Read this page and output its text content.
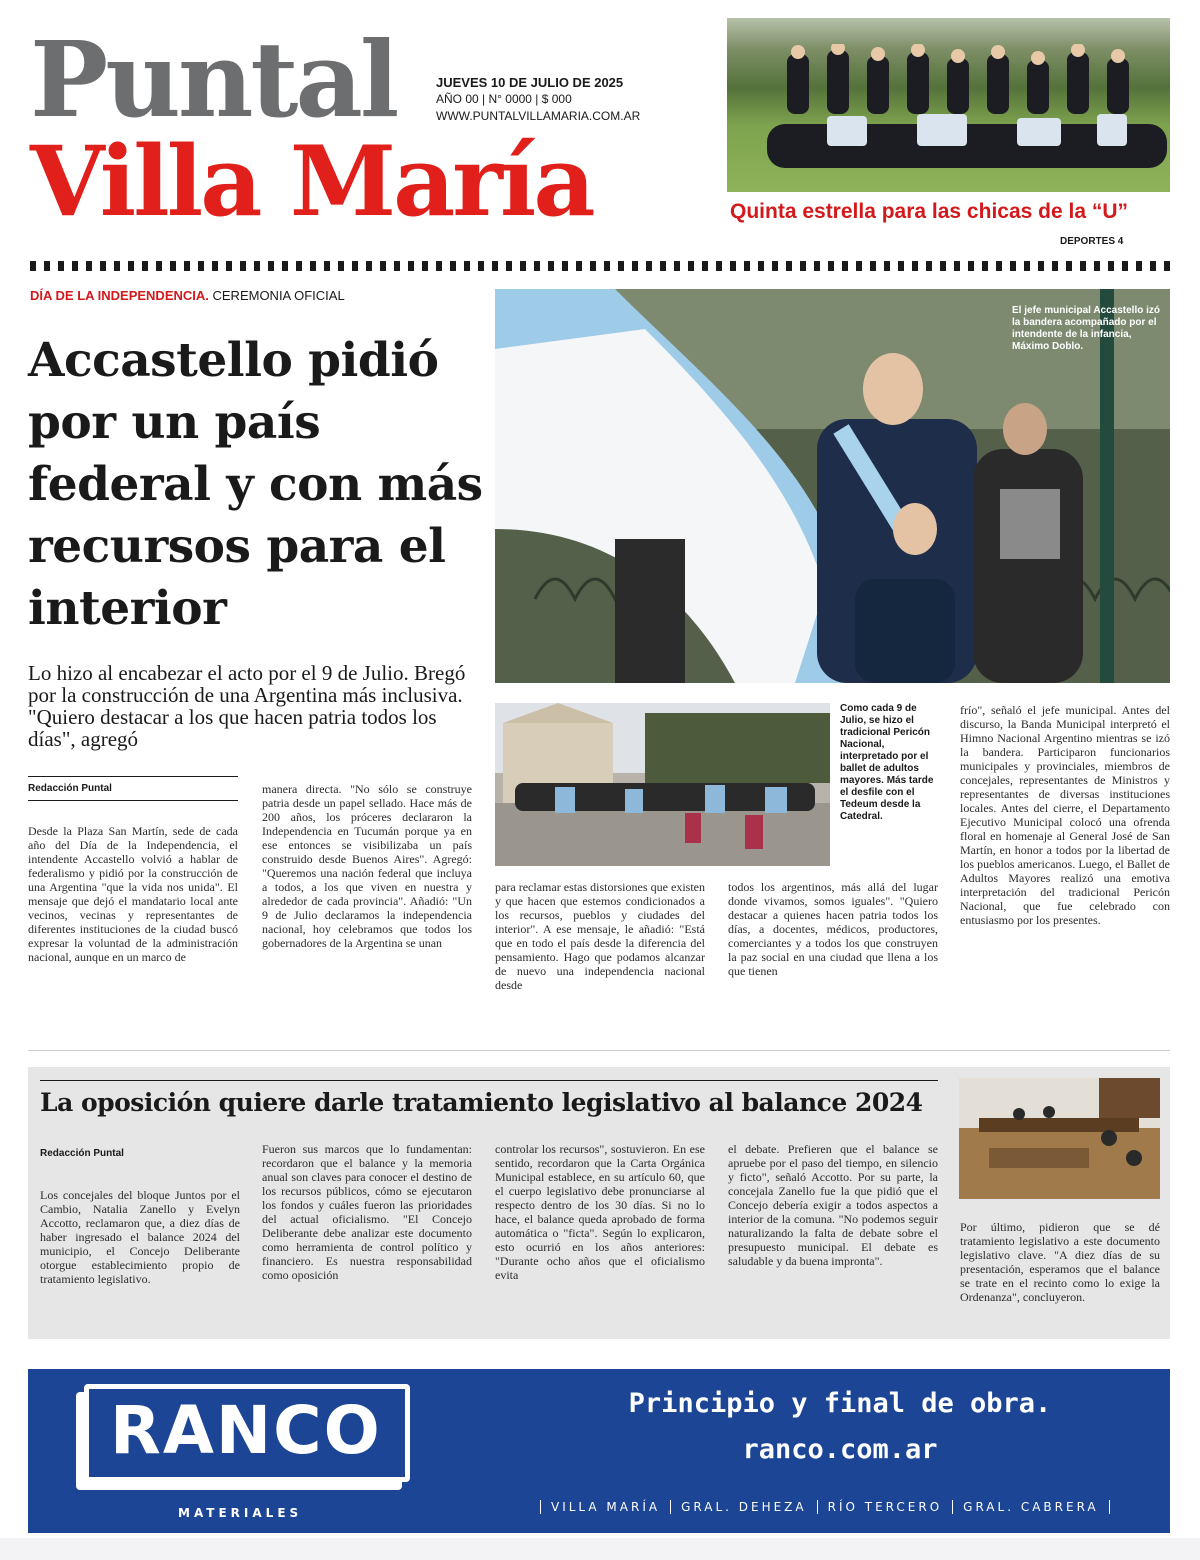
Puntal
Villa María
JUEVES 10 DE JULIO DE 2025
AÑO 00 | N° 0000 | $ 000
WWW.PUNTALVILLAMARIA.COM.AR
Quinta estrella para las chicas de la “U”
DEPORTES 4
DÍA DE LA INDEPENDENCIA. CEREMONIA OFICIAL
Accastello pidió por un país federal y con más recursos para el interior

Lo hizo al encabezar el acto por el 9 de Julio. Bregó por la construcción de una Argentina más inclusiva. "Quiero destacar a los que hacen patria todos los días", agregó

El jefe municipal Accastello izó la bandera acompañado por el intendente de la infancia, Máximo Doblo.
Como cada 9 de Julio, se hizo el tradicional Pericón Nacional, interpretado por el ballet de adultos mayores. Más tarde el desfile con el Tedeum desde la Catedral.
Redacción Puntal
Desde la Plaza San Martín, sede de cada año del Día de la Independencia, el intendente Accastello volvió a hablar de federalismo y pidió por la construcción de una Argentina "que la vida nos unida". El mensaje que dejó el mandatario local ante vecinos, vecinas y representantes de diferentes instituciones de la ciudad buscó expresar la voluntad de la administración nacional, aunque en un marco de
manera directa. "No sólo se construye patria desde un papel sellado. Hace más de 200 años, los próceres declararon la Independencia en Tucumán porque ya en ese entonces se visibilizaba un país construido desde Buenos Aires". Agregó: "Queremos una nación federal que incluya a todos, a los que viven en nuestra y alrededor de cada provincia". Añadió: "Un 9 de Julio declaramos la independencia nacional, hoy celebramos que todos los gobernadores de la Argentina se unan
para reclamar estas distorsiones que existen y que hacen que estemos condicionados a los recursos, pueblos y ciudades del interior". A ese mensaje, le añadió: "Está que en todo el país desde la diferencia del pensamiento. Hago que podamos alcanzar de nuevo una independencia nacional desde
todos los argentinos, más allá del lugar donde vivamos, somos iguales". "Quiero destacar a quienes hacen patria todos los días, a docentes, médicos, productores, comerciantes y a todos los que construyen la paz social en una ciudad que llena a los que tienen
frío", señaló el jefe municipal. Antes del discurso, la Banda Municipal interpretó el Himno Nacional Argentino mientras se izó la bandera. Participaron funcionarios municipales y provinciales, miembros de concejales, representantes de Ministros y representantes de diversas instituciones locales. Antes del cierre, el Departamento Ejecutivo Municipal colocó una ofrenda floral en homenaje al General José de San Martín, en honor a todos por la libertad de los pueblos americanos. Luego, el Ballet de Adultos Mayores realizó una emotiva interpretación del tradicional Pericón Nacional, que fue celebrado con entusiasmo por los presentes.
La oposición quiere darle tratamiento legislativo al balance 2024
Redacción Puntal
Los concejales del bloque Juntos por el Cambio, Natalia Zanello y Evelyn Accotto, reclamaron que, a diez días de haber ingresado el balance 2024 del municipio, el Concejo Deliberante otorgue establecimiento propio de tratamiento legislativo.
Fueron sus marcos que lo fundamentan: recordaron que el balance y la memoria anual son claves para conocer el destino de los recursos públicos, cómo se ejecutaron los fondos y cuáles fueron las prioridades del actual oficialismo. "El Concejo Deliberante debe analizar este documento como herramienta de control político y financiero. Es nuestra responsabilidad como oposición
controlar los recursos", sostuvieron. En ese sentido, recordaron que la Carta Orgánica Municipal establece, en su artículo 60, que el cuerpo legislativo debe pronunciarse al respecto dentro de los 30 días. Si no lo hace, el balance queda aprobado de forma automática o "ficta". Según lo explicaron, esto ocurrió en los años anteriores: "Durante ocho años que el oficialismo evita
el debate. Prefieren que el balance se apruebe por el paso del tiempo, en silencio y ficto", señaló Accotto. Por su parte, la concejala Zanello fue la que pidió que el Concejo debería exigir a todos aspectos a interior de la comuna. "No podemos seguir naturalizando la falta de debate sobre el presupuesto municipal. El debate es saludable y da buena impronta".
Por último, pidieron que se dé tratamiento legislativo a este documento legislativo clave. "A diez días de su presentación, esperamos que el balance se trate en el recinto como lo exige la Ordenanza", concluyeron.
RANCO
MATERIALES
Principio y final de obra.
ranco.com.ar
VILLA MARÍA	GRAL. DEHEZA	RÍO TERCERO	GRAL. CABRERA
